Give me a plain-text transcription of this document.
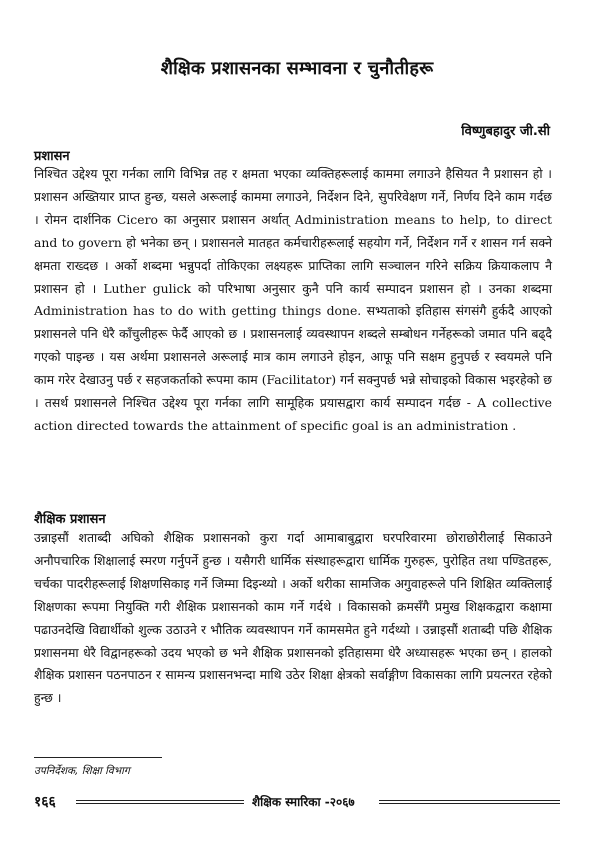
शैक्षिक प्रशासनका सम्भावना र चुनौतीहरू
विष्णुबहादुर जी.सी
प्रशासन
निश्चित उद्देश्य पूरा गर्नका लागि विभिन्न तह र क्षमता भएका व्यक्तिहरूलाई काममा लगाउने हैसियत नै प्रशासन हो । प्रशासन अख्तियार प्राप्त हुन्छ, यसले अरूलाई काममा लगाउने, निर्देशन दिने, सुपरिवेक्षण गर्ने, निर्णय दिने काम गर्दछ । रोमन दार्शनिक Cicero का अनुसार प्रशासन अर्थात् Administration means to help, to direct and to govern हो भनेका छन् । प्रशासनले मातहत कर्मचारीहरूलाई सहयोग गर्ने, निर्देशन गर्ने र शासन गर्न सक्ने क्षमता राख्दछ । अर्को शब्दमा भन्नुपर्दा तोकिएका लक्ष्यहरू प्राप्तिका लागि सञ्चालन गरिने सक्रिय क्रियाकलाप नै प्रशासन हो । Luther gulick को परिभाषा अनुसार कुनै पनि कार्य सम्पादन प्रशासन हो । उनका शब्दमा Administration has to do with getting things done. सभ्यताको इतिहास संगसंगै हुर्कदै आएको प्रशासनले पनि धेरै काँचुलीहरू फेर्दै आएको छ । प्रशासनलाई व्यवस्थापन शब्दले सम्बोधन गर्नेहरूको जमात पनि बढ्दै गएको पाइन्छ । यस अर्थमा प्रशासनले अरूलाई मात्र काम लगाउने होइन, आफू पनि सक्षम हुनुपर्छ र स्वयमले पनि काम गरेर देखाउनु पर्छ र सहजकर्ताको रूपमा काम (Facilitator) गर्न सक्नुपर्छ भन्ने सोचाइको विकास भइरहेको छ । तसर्थ प्रशासनले निश्चित उद्देश्य पूरा गर्नका लागि सामूहिक प्रयासद्वारा कार्य सम्पादन गर्दछ - A collective action directed towards the attainment of specific goal is an administration .
शैक्षिक प्रशासन
उन्नाइसौं शताब्दी अघिको शैक्षिक प्रशासनको कुरा गर्दा आमाबाबुद्वारा घरपरिवारमा छोराछोरीलाई सिकाउने अनौपचारिक शिक्षालाई स्मरण गर्नुपर्ने हुन्छ । यसैगरी धार्मिक संस्थाहरूद्वारा धार्मिक गुरुहरू, पुरोहित तथा पण्डितहरू, चर्चका पादरीहरूलाई शिक्षणसिकाइ गर्ने जिम्मा दिइन्थ्यो । अर्को थरीका सामजिक अगुवाहरूले पनि शिक्षित व्यक्तिलाई शिक्षणका रूपमा नियुक्ति गरी शैक्षिक प्रशासनको काम गर्ने गर्दथे । विकासको क्रमसँगै प्रमुख शिक्षकद्वारा कक्षामा पढाउनदेखि विद्यार्थीको शुल्क उठाउने र भौतिक व्यवस्थापन गर्ने कामसमेत हुने गर्दथ्यो । उन्नाइसौं शताब्दी पछि शैक्षिक प्रशासनमा धेरै विद्वानहरूको उदय भएको छ भने शैक्षिक प्रशासनको इतिहासमा धेरै अध्यासहरू भएका छन् । हालको शैक्षिक प्रशासन पठनपाठन र सामन्य प्रशासनभन्दा माथि उठेर शिक्षा क्षेत्रको सर्वाङ्गीण विकासका लागि प्रयत्नरत रहेको हुन्छ ।
उपनिर्देशक, शिक्षा विभाग
१६६	शैक्षिक स्मारिका -२०६७
